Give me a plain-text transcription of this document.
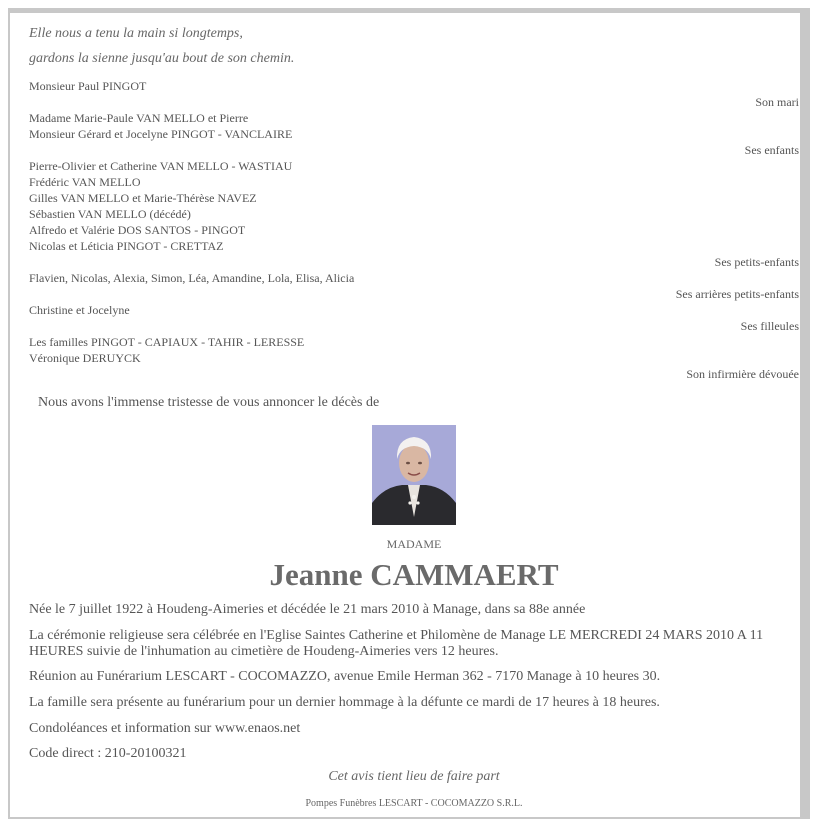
Elle nous a tenu la main si longtemps,
gardons la sienne jusqu'au bout de son chemin.
Monsieur Paul PINGOT
Son mari
Madame Marie-Paule VAN MELLO et Pierre
Monsieur Gérard et Jocelyne PINGOT - VANCLAIRE
Ses enfants
Pierre-Olivier et Catherine VAN MELLO - WASTIAU
Frédéric VAN MELLO
Gilles VAN MELLO et Marie-Thérèse NAVEZ
Sébastien VAN MELLO (décédé)
Alfredo et Valérie DOS SANTOS - PINGOT
Nicolas et Léticia PINGOT - CRETTAZ
Ses petits-enfants
Flavien, Nicolas, Alexia, Simon, Léa, Amandine, Lola, Elisa, Alicia
Ses arrières petits-enfants
Christine et Jocelyne
Ses filleules
Les familles PINGOT - CAPIAUX - TAHIR - LERESSE
Véronique DERUYCK
Son infirmière dévouée
Nous avons l'immense tristesse de vous annoncer le décès de
MADAME
Jeanne CAMMAERT
Née le 7 juillet 1922 à Houdeng-Aimeries et décédée le 21 mars 2010 à Manage, dans sa 88e année
La cérémonie religieuse sera célébrée en l'Eglise Saintes Catherine et Philomène de Manage LE MERCREDI 24 MARS 2010 A 11 HEURES suivie de l'inhumation au cimetière de Houdeng-Aimeries vers 12 heures.
Réunion au Funérarium LESCART - COCOMAZZO, avenue Emile Herman 362 - 7170 Manage à 10 heures 30.
La famille sera présente au funérarium pour un dernier hommage à la défunte ce mardi de 17 heures à 18 heures.
Condoléances et information sur www.enaos.net
Code direct : 210-20100321
Cet avis tient lieu de faire part
Pompes Funèbres LESCART - COCOMAZZO S.R.L.
